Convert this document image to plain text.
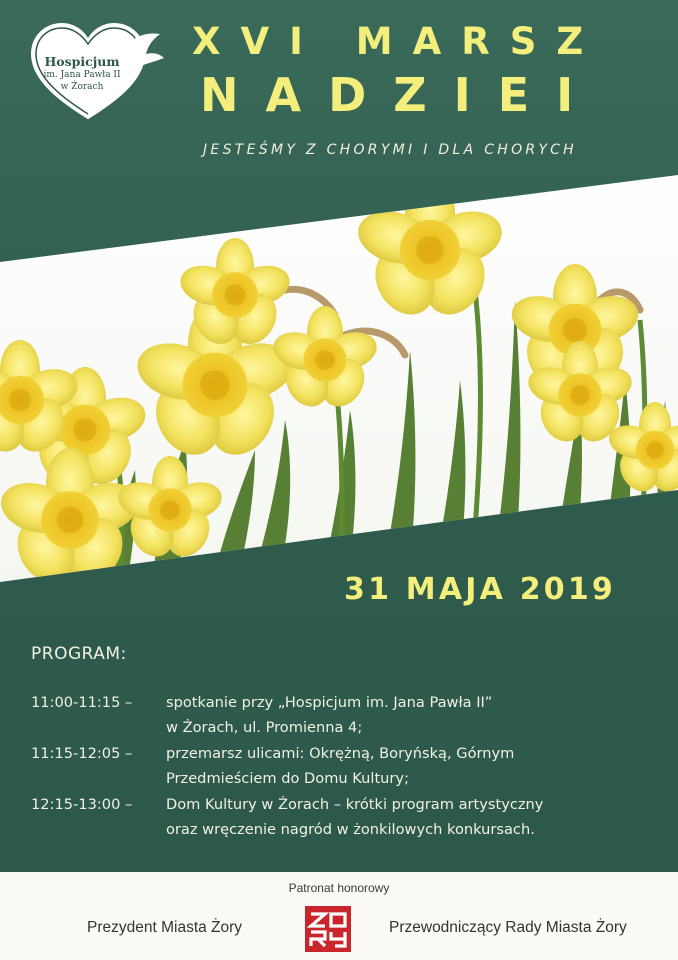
Hospicjum
im. Jana Pawła II
w Żorach
XVI MARSZ
NADZIEI
JESTEŚMY Z CHORYMI I DLA CHORYCH
31 MAJA 2019
PROGRAM:
11:00-11:15 –	spotkanie przy „Hospicjum im. Jana Pawła II”
w Żorach, ul. Promienna 4;
11:15-12:05 –	przemarsz ulicami: Okrężną, Boryńską, Górnym
Przedmieściem do Domu Kultury;
12:15-13:00 –	Dom Kultury w Żorach – krótki program artystyczny
oraz wręczenie nagród w żonkilowych konkursach.
Patronat honorowy
Prezydent Miasta Żory	Przewodniczący Rady Miasta Żory
